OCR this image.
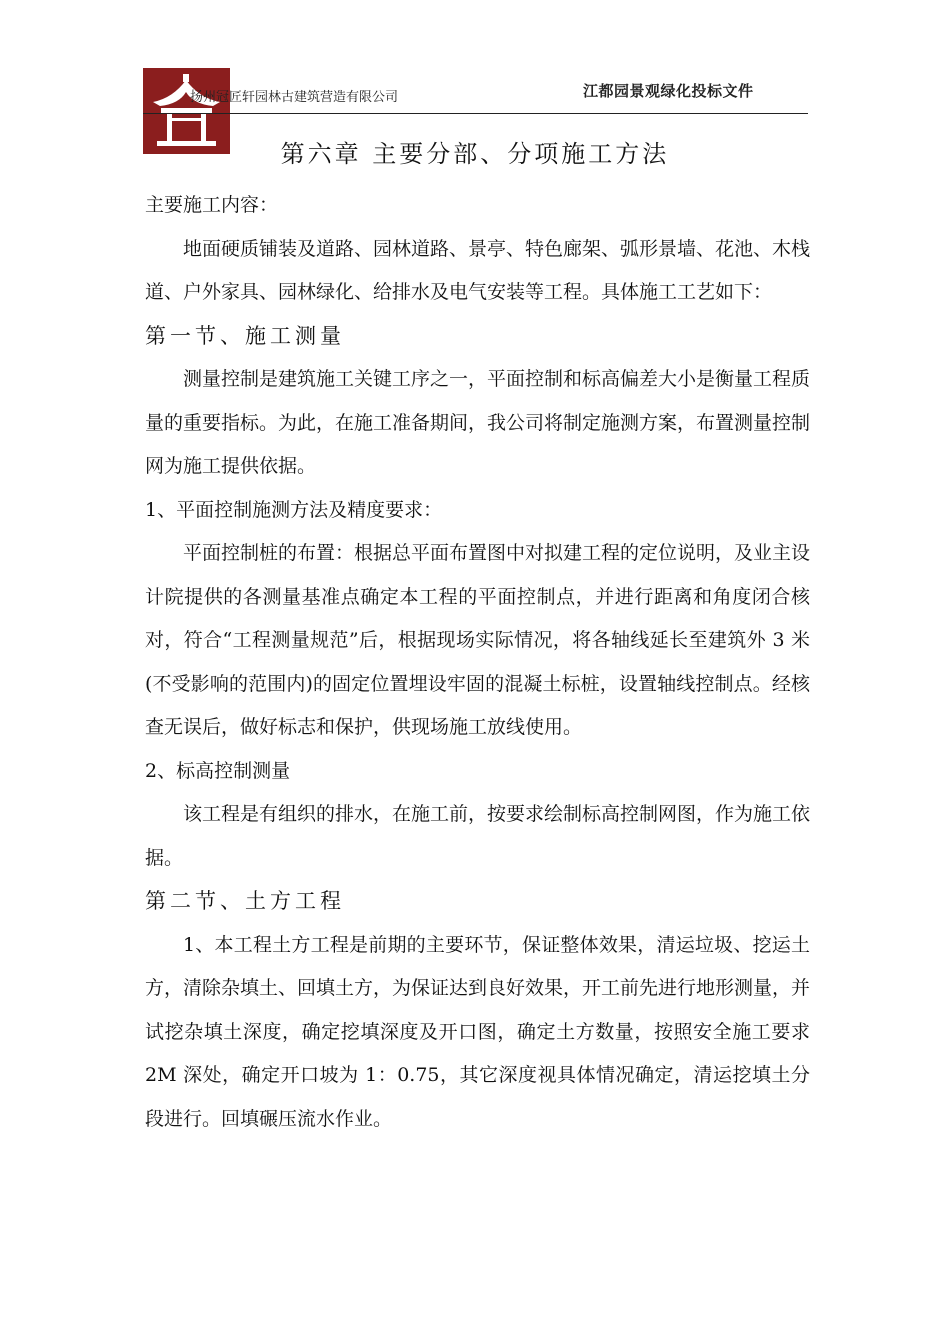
扬州冠匠轩园林古建筑营造有限公司	江都园景观绿化投标文件
第六章 主要分部、分项施工方法

主要施工内容：

地面硬质铺装及道路、园林道路、景亭、特色廊架、弧形景墙、花池、木栈道、户外家具、园林绿化、给排水及电气安装等工程。具体施工工艺如下：

第一节、施工测量

测量控制是建筑施工关键工序之一，平面控制和标高偏差大小是衡量工程质量的重要指标。为此，在施工准备期间，我公司将制定施测方案，布置测量控制网为施工提供依据。

1、平面控制施测方法及精度要求：

平面控制桩的布置：根据总平面布置图中对拟建工程的定位说明，及业主设计院提供的各测量基准点确定本工程的平面控制点，并进行距离和角度闭合核对，符合“工程测量规范”后，根据现场实际情况，将各轴线延长至建筑外 3 米(不受影响的范围内)的固定位置埋设牢固的混凝土标桩，设置轴线控制点。经核查无误后，做好标志和保护，供现场施工放线使用。

2、标高控制测量

该工程是有组织的排水，在施工前，按要求绘制标高控制网图，作为施工依据。

第二节、土方工程

1、本工程土方工程是前期的主要环节，保证整体效果，清运垃圾、挖运土方，清除杂填土、回填土方，为保证达到良好效果，开工前先进行地形测量，并试挖杂填土深度，确定挖填深度及开口图，确定土方数量，按照安全施工要求 2M 深处，确定开口坡为 1：0.75，其它深度视具体情况确定，清运挖填土分段进行。回填碾压流水作业。
